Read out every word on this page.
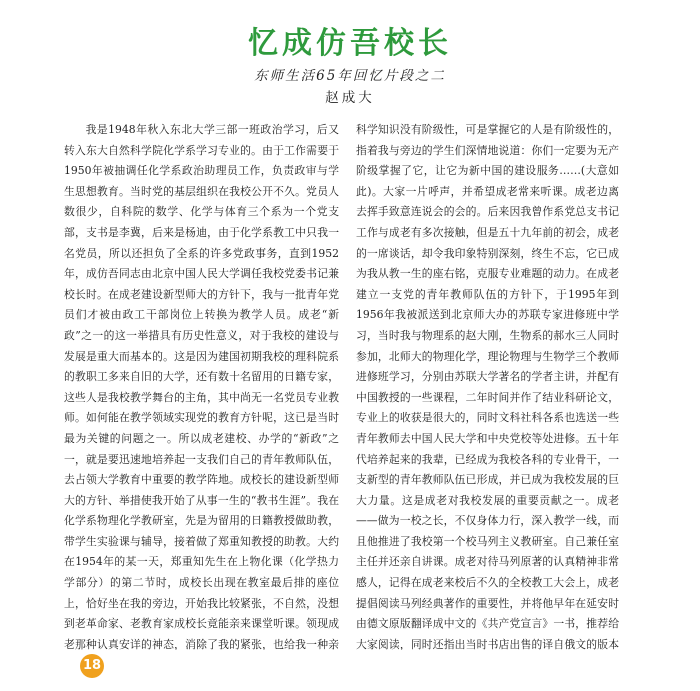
忆成仿吾校长
东师生活65年回忆片段之二
赵成大

我是1948年秋入东北大学三部一班政治学习，后又转入东大自然科学院化学系学习专业的。由于工作需要于1950年被抽调任化学系政治助理员工作，负责政审与学生思想教育。当时党的基层组织在我校公开不久。党员人数很少，自科院的数学、化学与体育三个系为一个党支部，支书是李冀，后来是杨迪，由于化学系教工中只我一名党员，所以还担负了全系的许多党政事务，直到1952年，成仿吾同志由北京中国人民大学调任我校党委书记兼校长时。在成老建设新型师大的方针下，我与一批青年党员们才被由政工干部岗位上转换为教学人员。成老“新政”之一的这一举措具有历史性意义，对于我校的建设与发展是重大而基本的。这是因为建国初期我校的理科院系的教职工多来自旧的大学，还有数十名留用的日籍专家，这些人是我校教学舞台的主角，其中尚无一名党员专业教师。如何能在教学领域实现党的教育方针呢，这已是当时最为关键的问题之一。所以成老建校、办学的“新政”之一，就是要迅速地培养起一支我们自己的青年教师队伍，去占领大学教育中重要的教学阵地。成校长的建设新型师大的方针、举措使我开始了从事一生的“教书生涯”。我在化学系物理化学教研室，先是为留用的日籍教授做助教，带学生实验课与辅导，接着做了郑重知教授的助教。大约在1954年的某一天，郑重知先生在上物化课（化学热力学部分）的第二节时，成校长出现在教室最后排的座位上，恰好坐在我的旁边，开始我比较紧张，不自然，没想到老革命家、老教育家成校长竟能亲来课堂听课。领现成老那种认真安详的神态，消除了我的紧张，也给我一种亲

科学知识没有阶级性，可是掌握它的人是有阶级性的，指着我与旁边的学生们深情地说道：你们一定要为无产阶级掌握了它，让它为新中国的建设服务……(大意如此)。大家一片呼声，并希望成老常来听课。成老边离去挥手致意连说会的会的。后来因我曾作系党总支书记工作与成老有多次接触，但是五十九年前的初会，成老的一席谈话，却令我印象特别深刻，终生不忘，它已成为我从教一生的座右铭，克服专业难题的动力。在成老建立一支党的青年教师队伍的方针下，于1995年到1956年我被派送到北京师大办的苏联专家进修班中学习，当时我与物理系的赵大刚，生物系的郝水三人同时参加，北师大的物理化学，理论物理与生物学三个教师进修班学习，分别由苏联大学著名的学者主讲，并配有中国教授的一些课程，二年时间并作了结业科研论文，专业上的收获是很大的，同时文科社科各系也选送一些青年教师去中国人民大学和中央党校等处进修。五十年代培养起来的我辈，已经成为我校各科的专业骨干，一支新型的青年教师队伍已形成，并已成为我校发展的巨大力量。这是成老对我校发展的重要贡献之一。成老——做为一校之长，不仅身体力行，深入教学一线，而且他推进了我校第一个校马列主义教研室。自己兼任室主任并还亲自讲课。成老对待马列原著的认真精神非常感人，记得在成老来校后不久的全校教工大会上，成老提倡阅读马列经典著作的重要性，并将他早年在延安时由德文原版翻译成中文的《共产党宣言》一书，推荐给大家阅读，同时还指出当时书店出售的译自俄文的版本

18
